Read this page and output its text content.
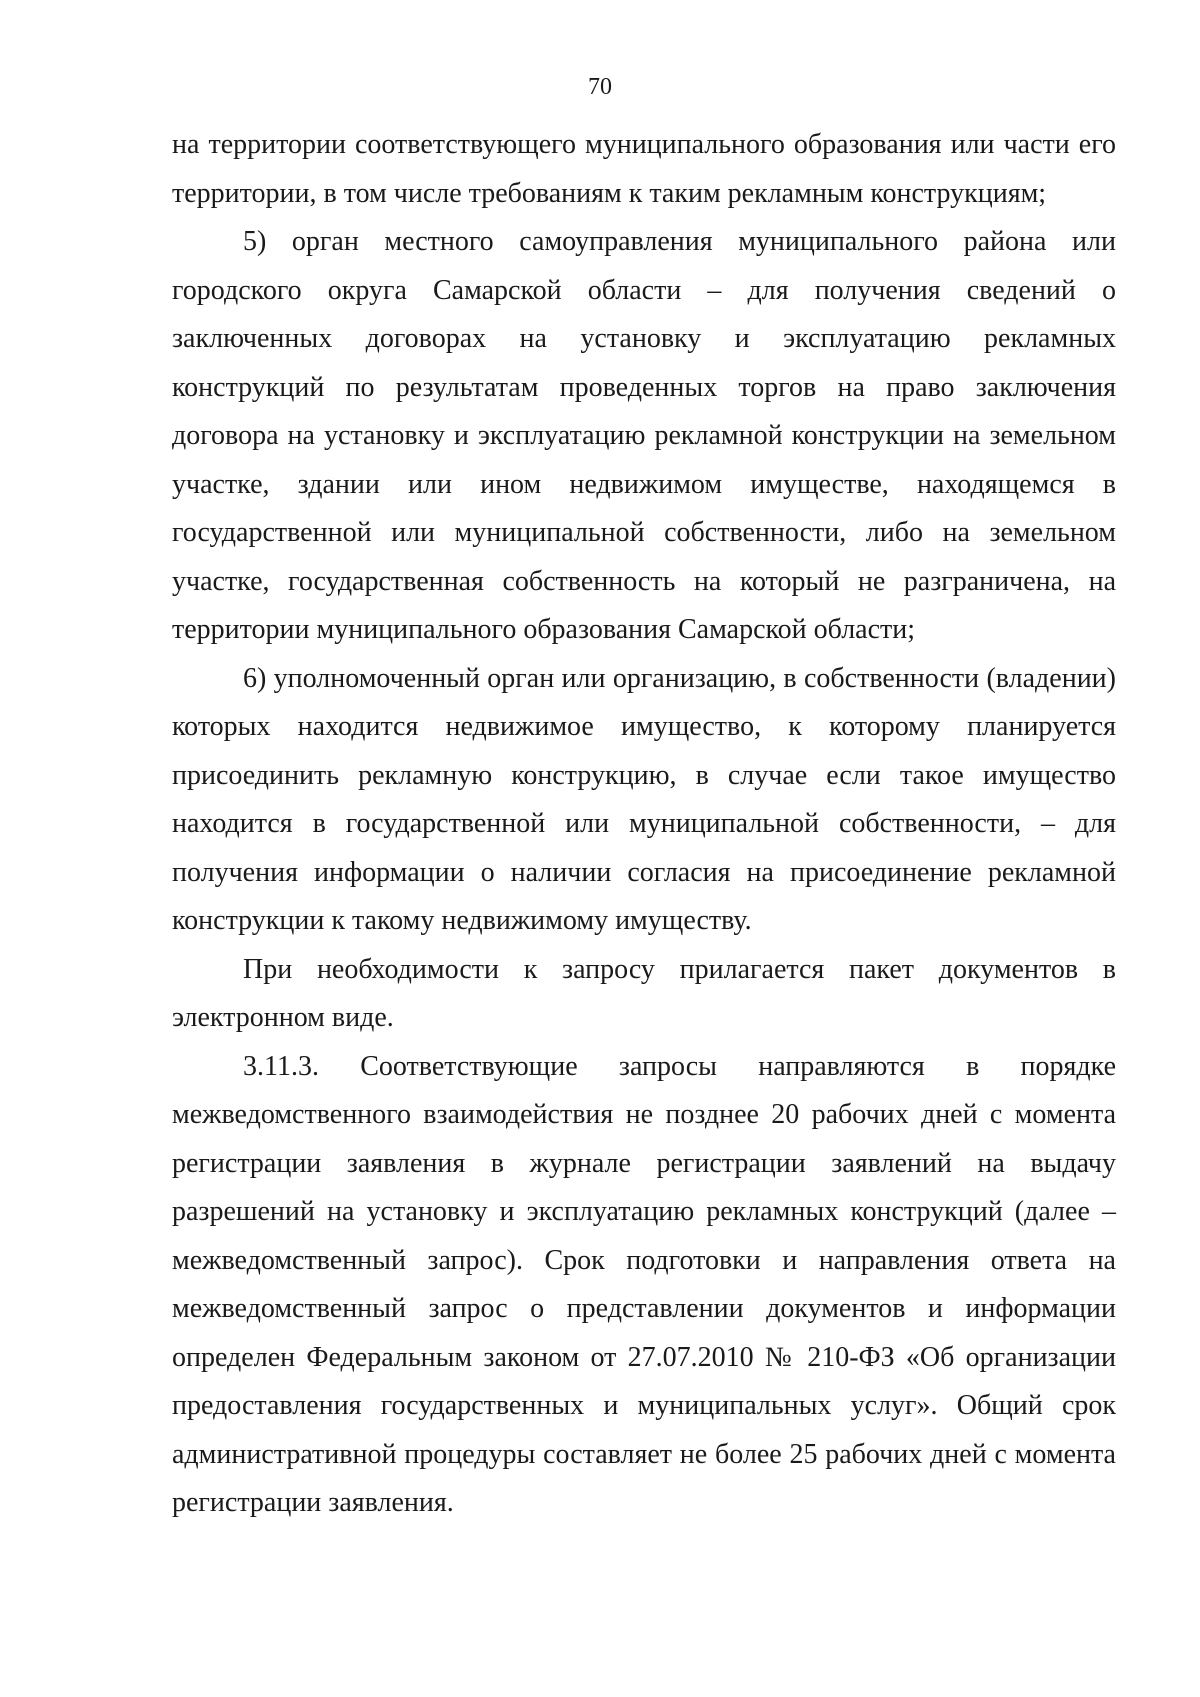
70

на территории соответствующего муниципального образования или части его территории, в том числе требованиям к таким рекламным конструкциям;

5) орган местного самоуправления муниципального района или городского округа Самарской области – для получения сведений о заключенных договорах на установку и эксплуатацию рекламных конструкций по результатам проведенных торгов на право заключения договора на установку и эксплуатацию рекламной конструкции на земельном участке, здании или ином недвижимом имуществе, находящемся в государственной или муниципальной собственности, либо на земельном участке, государственная собственность на который не разграничена, на территории муниципального образования Самарской области;

6) уполномоченный орган или организацию, в собственности (владении) которых находится недвижимое имущество, к которому планируется присоединить рекламную конструкцию, в случае если такое имущество находится в государственной или муниципальной собственности, – для получения информации о наличии согласия на присоединение рекламной конструкции к такому недвижимому имуществу.

При необходимости к запросу прилагается пакет документов в электронном виде.

3.11.3. Соответствующие запросы направляются в порядке межведомственного взаимодействия не позднее 20 рабочих дней с момента регистрации заявления в журнале регистрации заявлений на выдачу разрешений на установку и эксплуатацию рекламных конструкций (далее – межведомственный запрос). Срок подготовки и направления ответа на межведомственный запрос о представлении документов и информации определен Федеральным законом от 27.07.2010 № 210-ФЗ «Об организации предоставления государственных и муниципальных услуг». Общий срок административной процедуры составляет не более 25 рабочих дней с момента регистрации заявления.
